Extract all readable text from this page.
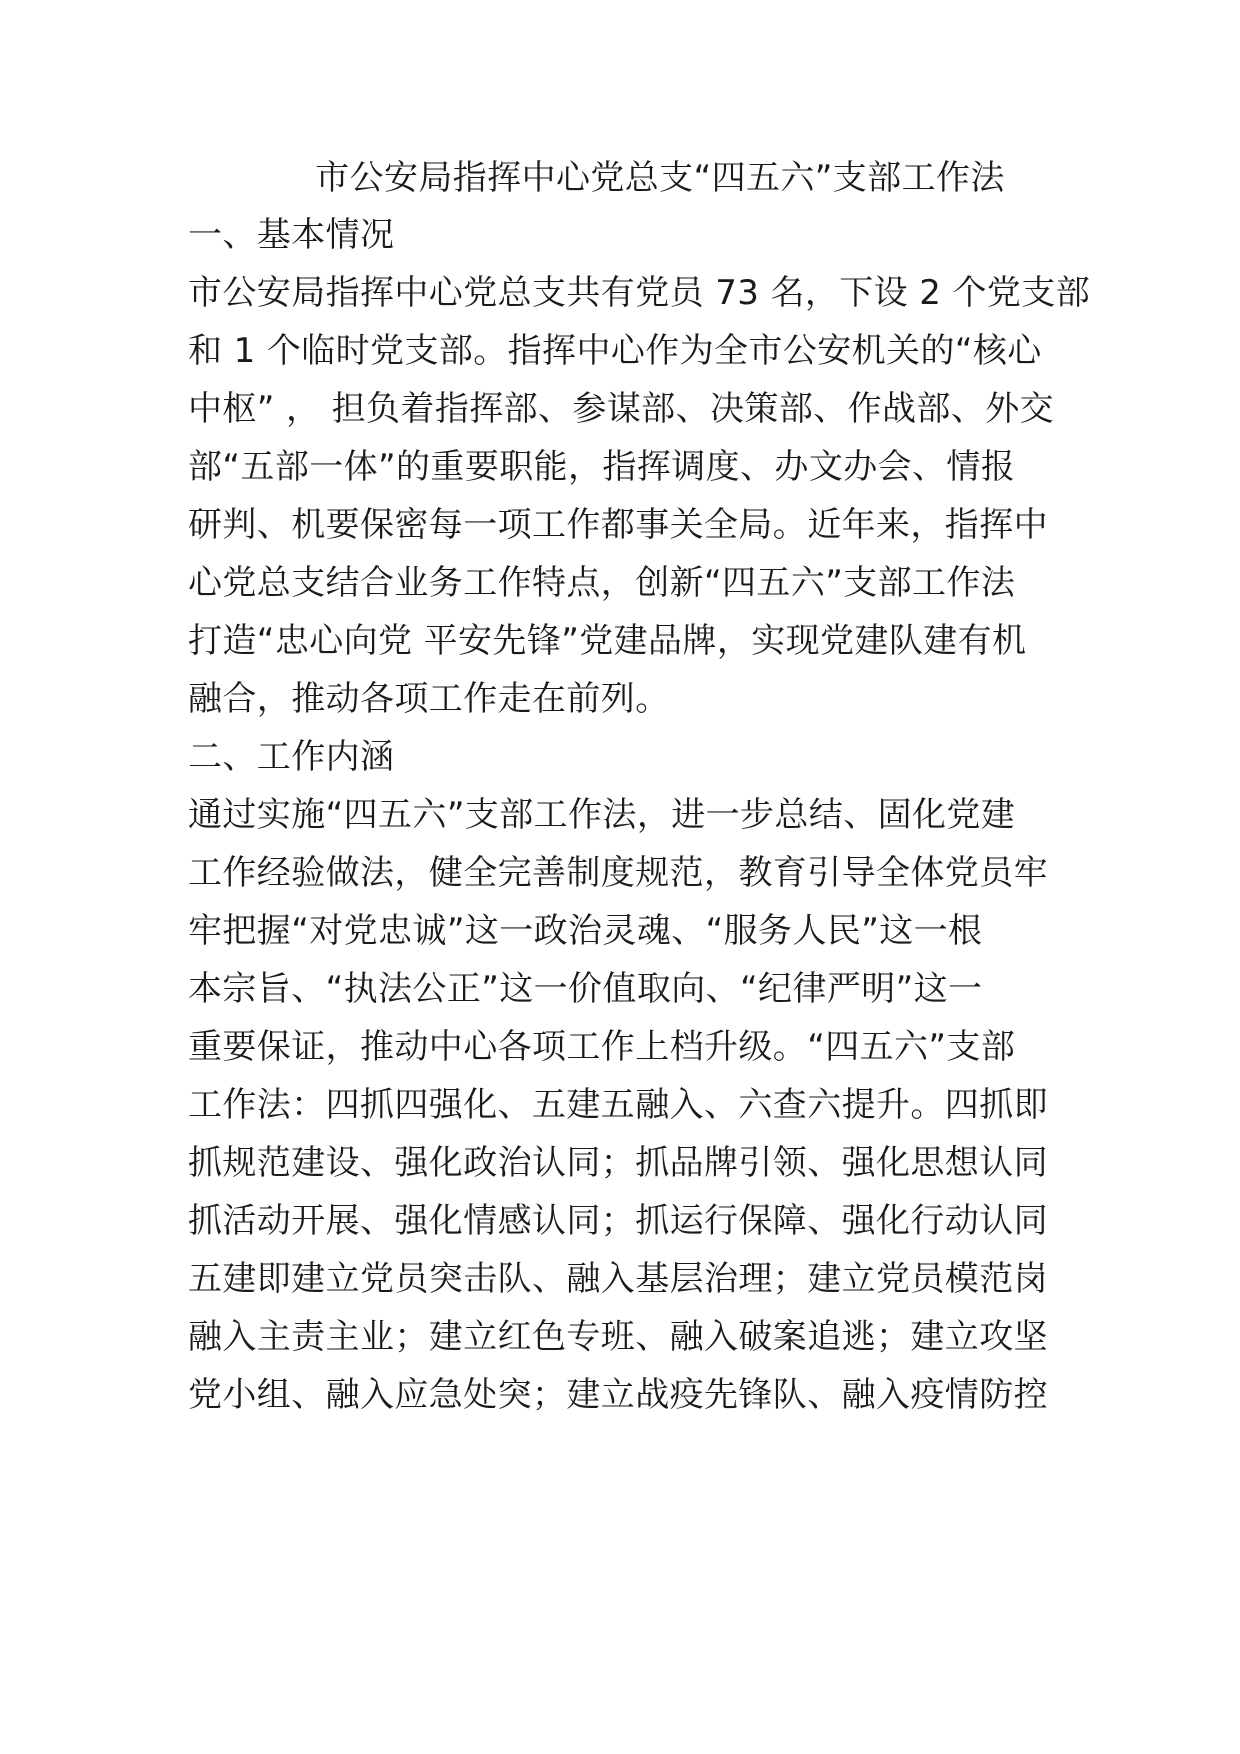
市公安局指挥中心党总支“四五六”支部工作法
一、基本情况
市公安局指挥中心党总支共有党员 73 名，下设 2 个党支部
和 1 个临时党支部。指挥中心作为全市公安机关的“核心
中枢” ， 担负着指挥部、参谋部、决策部、作战部、外交
部“五部一体”的重要职能，指挥调度、办文办会、情报
研判、机要保密每一项工作都事关全局。近年来，指挥中
心党总支结合业务工作特点，创新“四五六”支部工作法
打造“忠心向党 平安先锋”党建品牌，实现党建队建有机
融合，推动各项工作走在前列。
二、工作内涵
通过实施“四五六”支部工作法，进一步总结、固化党建
工作经验做法，健全完善制度规范，教育引导全体党员牢
牢把握“对党忠诚”这一政治灵魂、“服务人民”这一根
本宗旨、“执法公正”这一价值取向、“纪律严明”这一
重要保证，推动中心各项工作上档升级。“四五六”支部
工作法：四抓四强化、五建五融入、六查六提升。四抓即
抓规范建设、强化政治认同；抓品牌引领、强化思想认同
抓活动开展、强化情感认同；抓运行保障、强化行动认同
五建即建立党员突击队、融入基层治理；建立党员模范岗
融入主责主业；建立红色专班、融入破案追逃；建立攻坚
党小组、融入应急处突；建立战疫先锋队、融入疫情防控
